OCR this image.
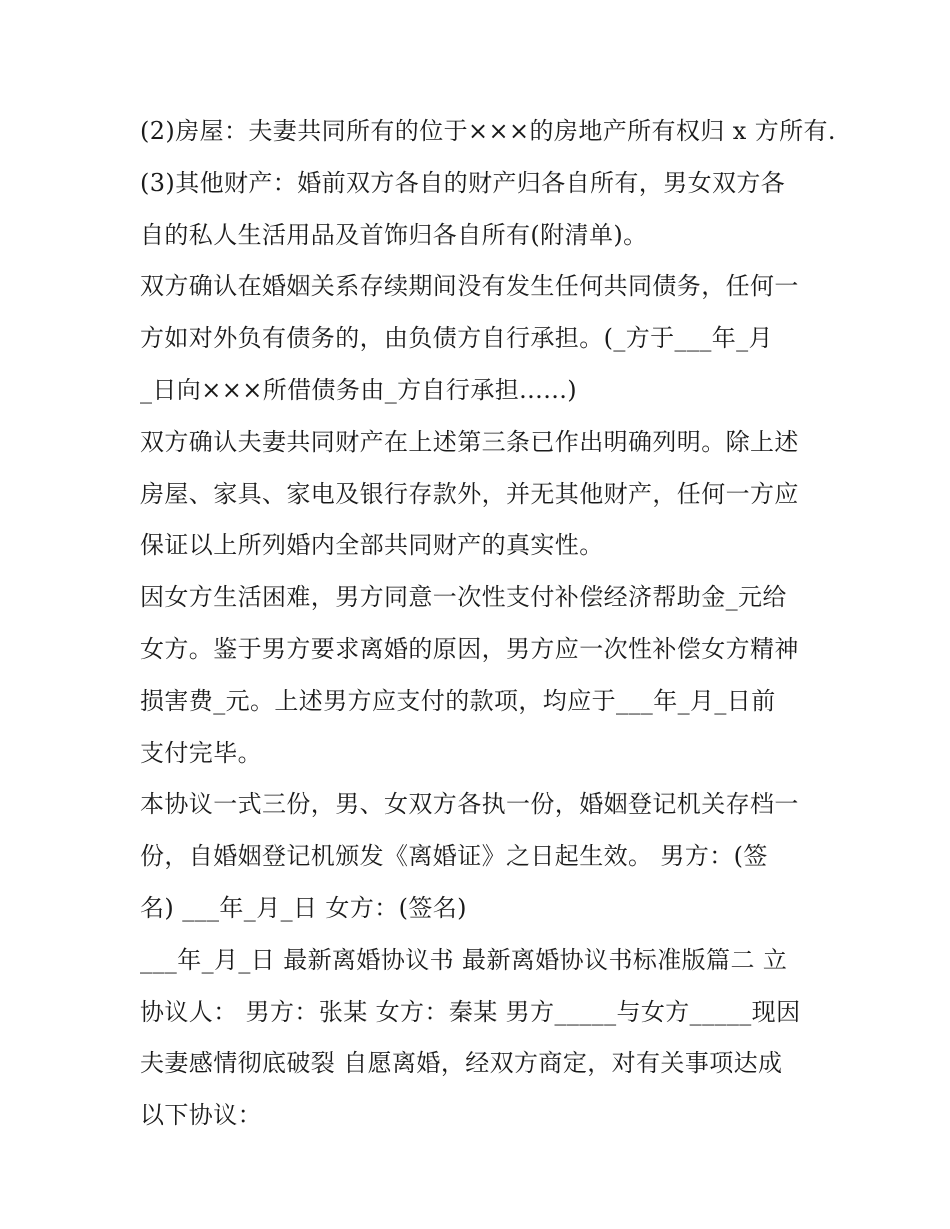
(2)房屋：夫妻共同所有的位于×××的房地产所有权归 x 方所有.
(3)其他财产：婚前双方各自的财产归各自所有，男女双方各
自的私人生活用品及首饰归各自所有(附清单)。
双方确认在婚姻关系存续期间没有发生任何共同债务，任何一
方如对外负有债务的，由负债方自行承担。(_方于___年_月
_日向×××所借债务由_方自行承担......)
双方确认夫妻共同财产在上述第三条已作出明确列明。除上述
房屋、家具、家电及银行存款外，并无其他财产，任何一方应
保证以上所列婚内全部共同财产的真实性。
因女方生活困难，男方同意一次性支付补偿经济帮助金_元给
女方。鉴于男方要求离婚的原因，男方应一次性补偿女方精神
损害费_元。上述男方应支付的款项，均应于___年_月_日前
支付完毕。
本协议一式三份，男、女双方各执一份，婚姻登记机关存档一
份，自婚姻登记机颁发《离婚证》之日起生效。 男方：(签
名) ___年_月_日 女方：(签名)
___年_月_日 最新离婚协议书 最新离婚协议书标准版篇二 立
协议人： 男方：张某 女方：秦某 男方_____与女方_____现因
夫妻感情彻底破裂 自愿离婚，经双方商定，对有关事项达成
以下协议：
